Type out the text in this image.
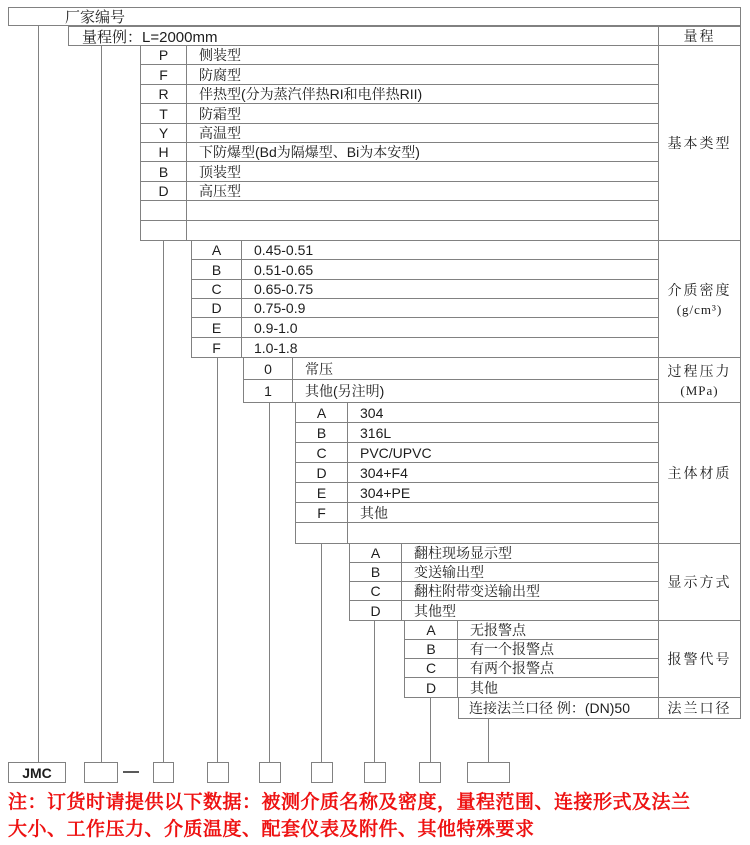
厂家编号
量程例：L=2000mm	量程
连接法兰口径 例：(DN)50	法兰口径
JMC
注：订货时请提供以下数据：被测介质名称及密度，量程范围、连接形式及法兰
大小、工作压力、介质温度、配套仪表及附件、其他特殊要求
P	侧装型
F	防腐型
R	伴热型(分为蒸汽伴热RI和电伴热RII)
T	防霜型
Y	高温型
H	下防爆型(Bd为隔爆型、Bi为本安型)
B	顶装型
D	高压型
基本类型
A	0.45-0.51
B	0.51-0.65
C	0.65-0.75
D	0.75-0.9
E	0.9-1.0
F	1.0-1.8
介质密度
(g/cm³)
0	常压
1	其他(另注明)
过程压力
(MPa)
A	304
B	316L
C	PVC/UPVC
D	304+F4
E	304+PE
F	其他
主体材质
A	翻柱现场显示型
B	变送输出型
C	翻柱附带变送输出型
D	其他型
显示方式
A	无报警点
B	有一个报警点
C	有两个报警点
D	其他
报警代号
